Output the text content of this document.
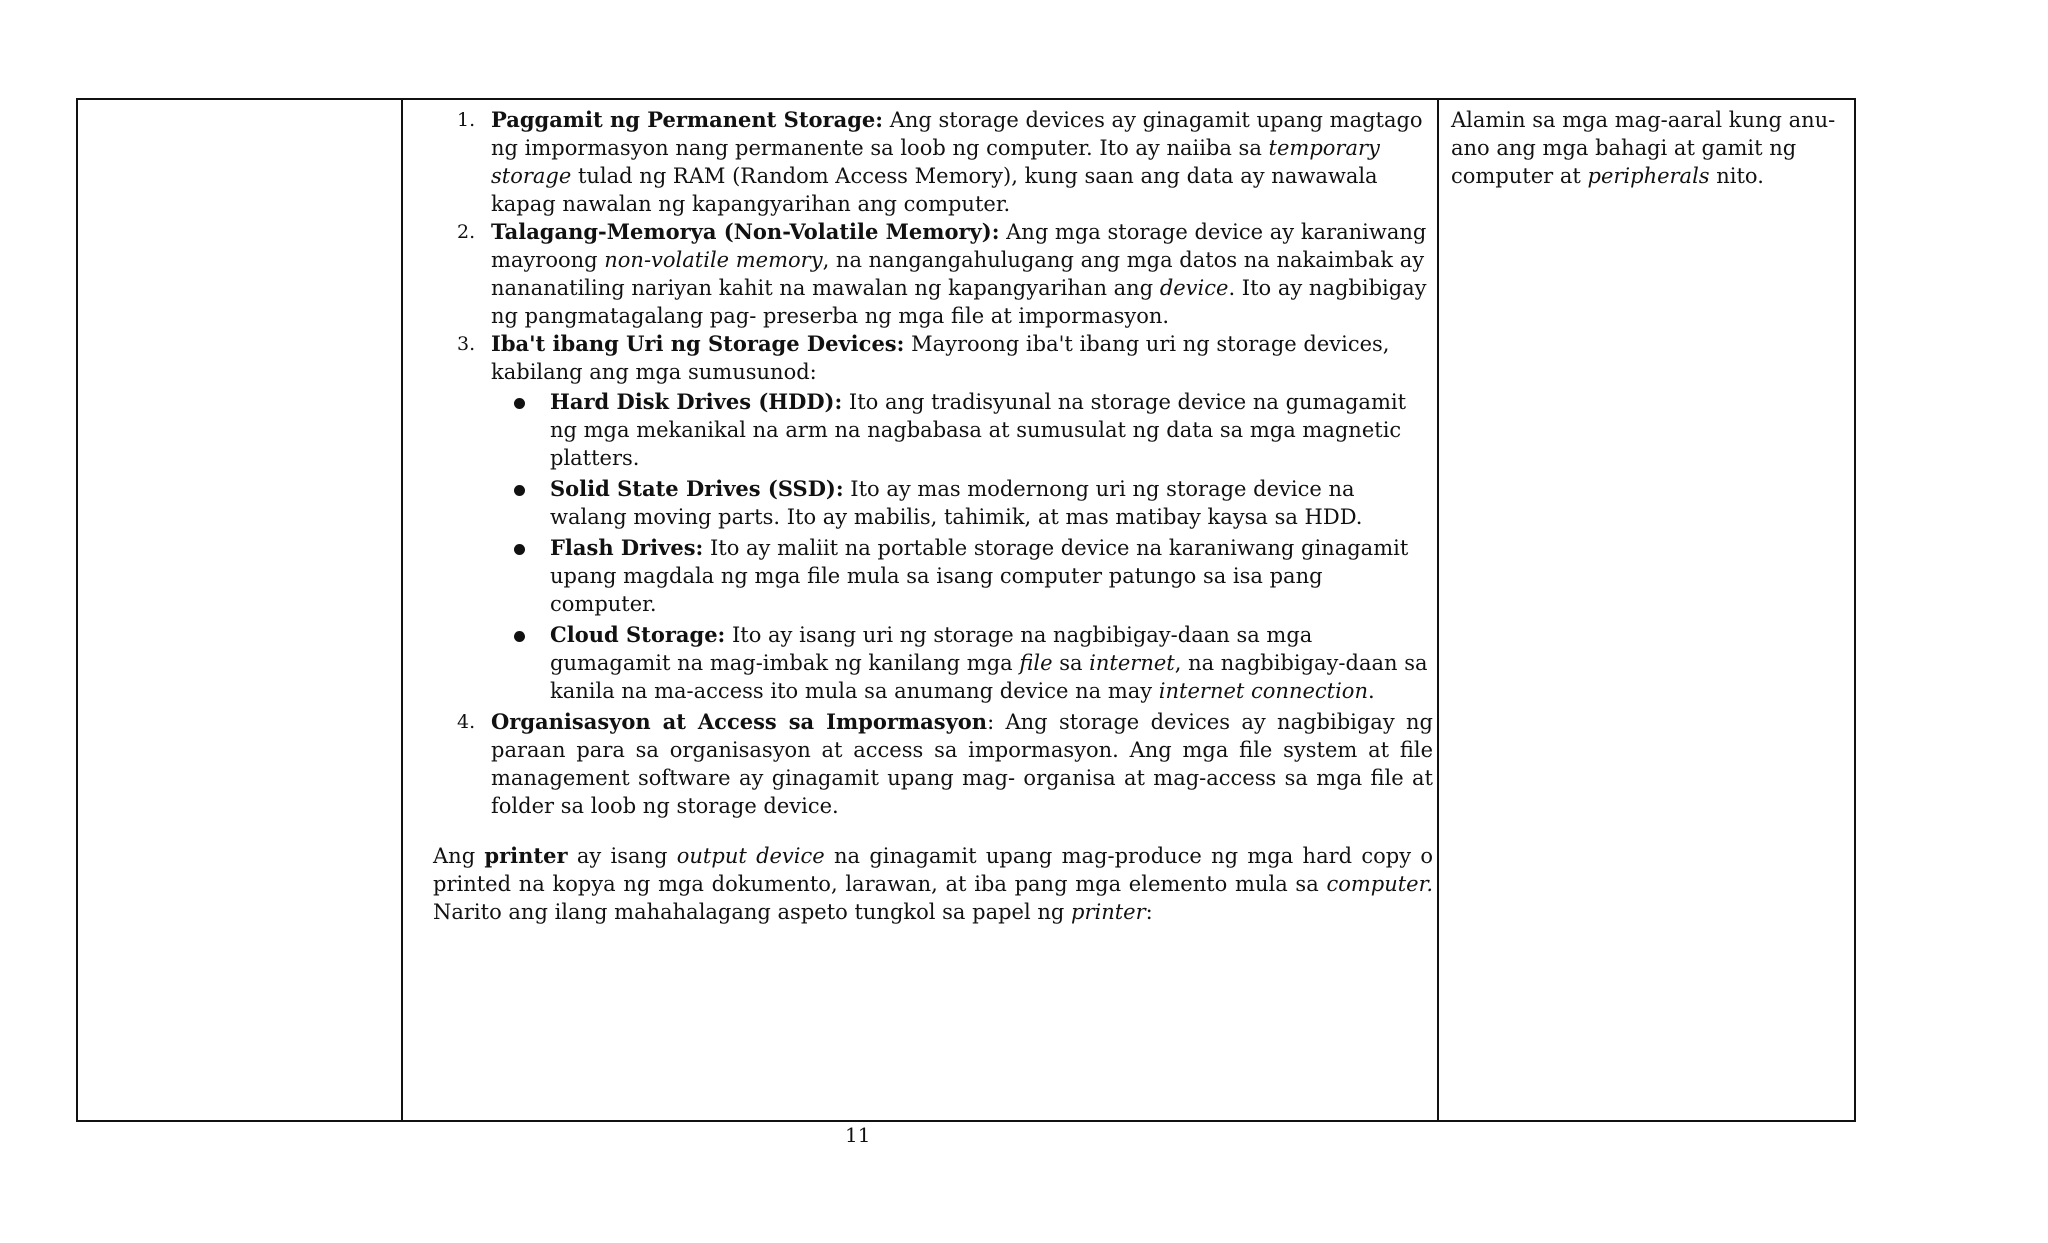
1. Paggamit ng Permanent Storage: Ang storage devices ay ginagamit upang magtago ng impormasyon nang permanente sa loob ng computer. Ito ay naiiba sa temporary storage tulad ng RAM (Random Access Memory), kung saan ang data ay nawawala kapag nawalan ng kapangyarihan ang computer.
2. Talagang-Memorya (Non-Volatile Memory): Ang mga storage device ay karaniwang mayroong non-volatile memory, na nangangahulugang ang mga datos na nakaimbak ay nananatiling nariyan kahit na mawalan ng kapangyarihan ang device. Ito ay nagbibigay ng pangmatagalang pag- preserba ng mga file at impormasyon.
3. Iba't ibang Uri ng Storage Devices: Mayroong iba't ibang uri ng storage devices, kabilang ang mga sumusunod:
Hard Disk Drives (HDD): Ito ang tradisyunal na storage device na gumagamit ng mga mekanikal na arm na nagbabasa at sumusulat ng data sa mga magnetic platters.
Solid State Drives (SSD): Ito ay mas modernong uri ng storage device na walang moving parts. Ito ay mabilis, tahimik, at mas matibay kaysa sa HDD.
Flash Drives: Ito ay maliit na portable storage device na karaniwang ginagamit upang magdala ng mga file mula sa isang computer patungo sa isa pang computer.
Cloud Storage: Ito ay isang uri ng storage na nagbibigay-daan sa mga gumagamit na mag-imbak ng kanilang mga file sa internet, na nagbibigay-daan sa kanila na ma-access ito mula sa anumang device na may internet connection.
4. Organisasyon at Access sa Impormasyon: Ang storage devices ay nagbibigay ng paraan para sa organisasyon at access sa impormasyon. Ang mga file system at file management software ay ginagamit upang mag- organisa at mag-access sa mga file at folder sa loob ng storage device.

Ang printer ay isang output device na ginagamit upang mag-produce ng mga hard copy o printed na kopya ng mga dokumento, larawan, at iba pang mga elemento mula sa computer. Narito ang ilang mahahalagang aspeto tungkol sa papel ng printer:

Alamin sa mga mag-aaral kung anu-ano ang mga bahagi at gamit ng computer at peripherals nito.
11
